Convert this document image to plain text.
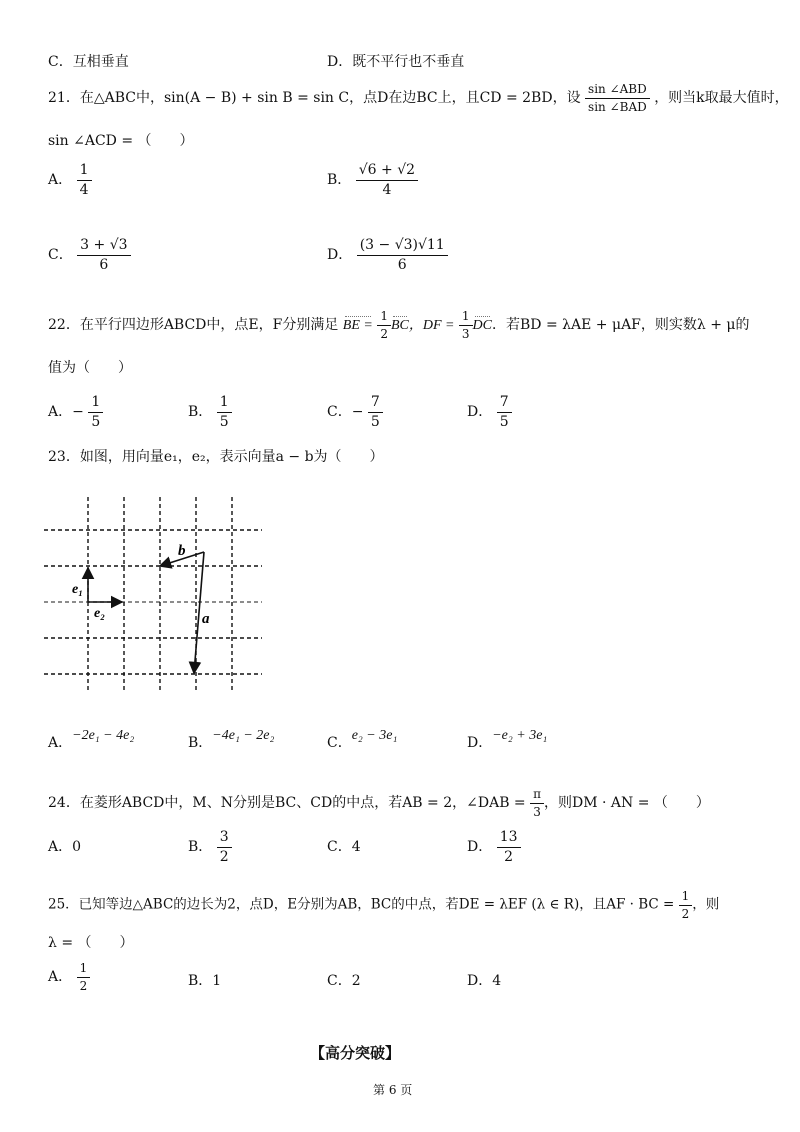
C．互相垂直	D．既不平行也不垂直
21．在△ABC中，sin(A − B) + sin B = sin C，点D在边BC上，且CD = 2BD，设 $\frac{\text{sin ∠ABD}}{\text{sin ∠BAD}}$ ，则当k取最大值时，
sin ∠ACD = （　　）
A． $\frac{1}{4}$	B． $\frac{√6 + √2}{4}$
C． $\frac{3 + √3}{6}$	D． $\frac{(3 - √3)√11}{6}$
22．在平行四边形ABCD中，点E，F分别满足 BE = $\frac{1}{2}$ BC，DF = $\frac{1}{3}$ DC．若BD = λAE + μAF，则实数λ + μ的
值为（　　）
A．− $\frac{1}{5}$	B． $\frac{1}{5}$	C．− $\frac{7}{5}$	D． $\frac{7}{5}$
23．如图，用向量e₁，e₂，表示向量a − b为（　　）
b
a
e₁
e₂
A．−2e₁ − 4e₂	B．−4e₁ − 2e₂	C．e₂ − 3e₁	D．−e₂ + 3e₁
24．在菱形ABCD中，M、N分别是BC、CD的中点，若AB = 2，∠DAB = $\frac{\pi}{3}$ ，则DM · AN = （　　）
A．0	B． $\frac{3}{2}$	C．4	D． $\frac{13}{2}$
25．已知等边△ABC的边长为2，点D，E分别为AB，BC的中点，若DE = λEF (λ ∈ R)，且AF · BC = $\frac{1}{2}$ ，则
λ = （　　）
A． $\frac{1}{2}$	B．1	C．2	D．4
【高分突破】
第 6 页
